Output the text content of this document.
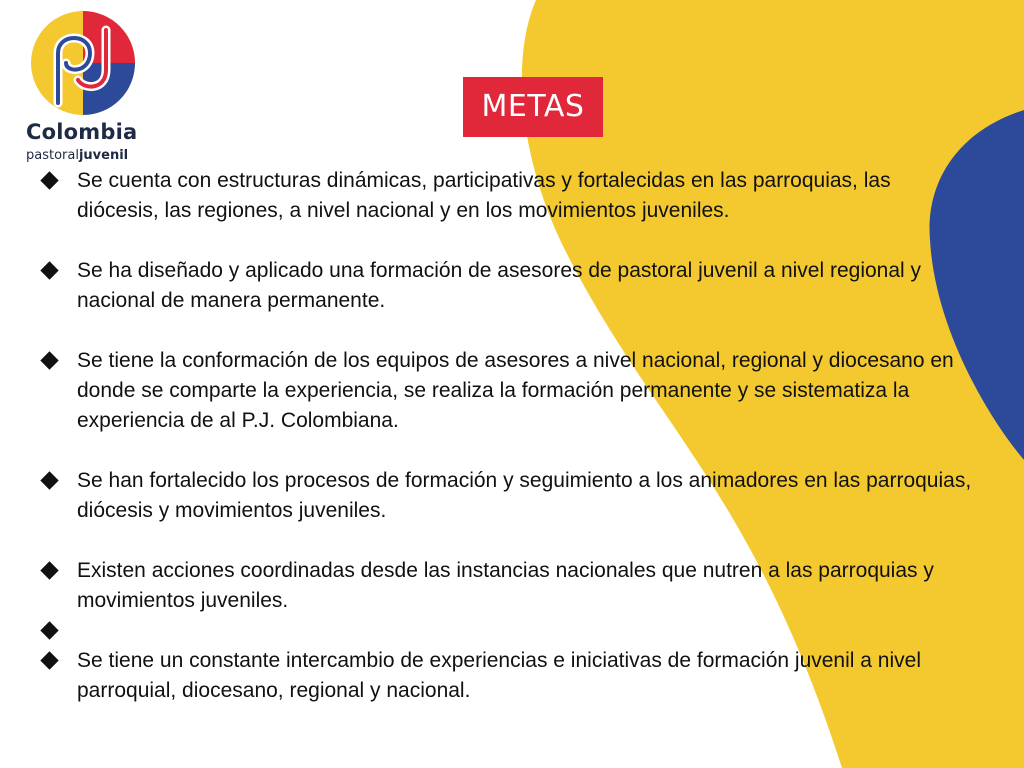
Colombia
pastoraljuvenil
METAS
Se cuenta con estructuras dinámicas, participativas y fortalecidas en las parroquias, las diócesis, las regiones, a nivel nacional y en los movimientos juveniles.
Se ha diseñado y aplicado una formación de asesores de pastoral juvenil a nivel regional y nacional de manera permanente.
Se tiene la conformación de los equipos de asesores a nivel nacional, regional y diocesano en donde se comparte la experiencia, se realiza la formación permanente y se sistematiza la experiencia de al P.J. Colombiana.
Se han fortalecido los procesos de formación y seguimiento a los animadores en las parroquias, diócesis y movimientos juveniles.
Existen acciones coordinadas desde las instancias nacionales que nutren a las parroquias y movimientos juveniles.
Se tiene un constante intercambio de experiencias e iniciativas de formación juvenil a nivel parroquial, diocesano, regional y nacional.
